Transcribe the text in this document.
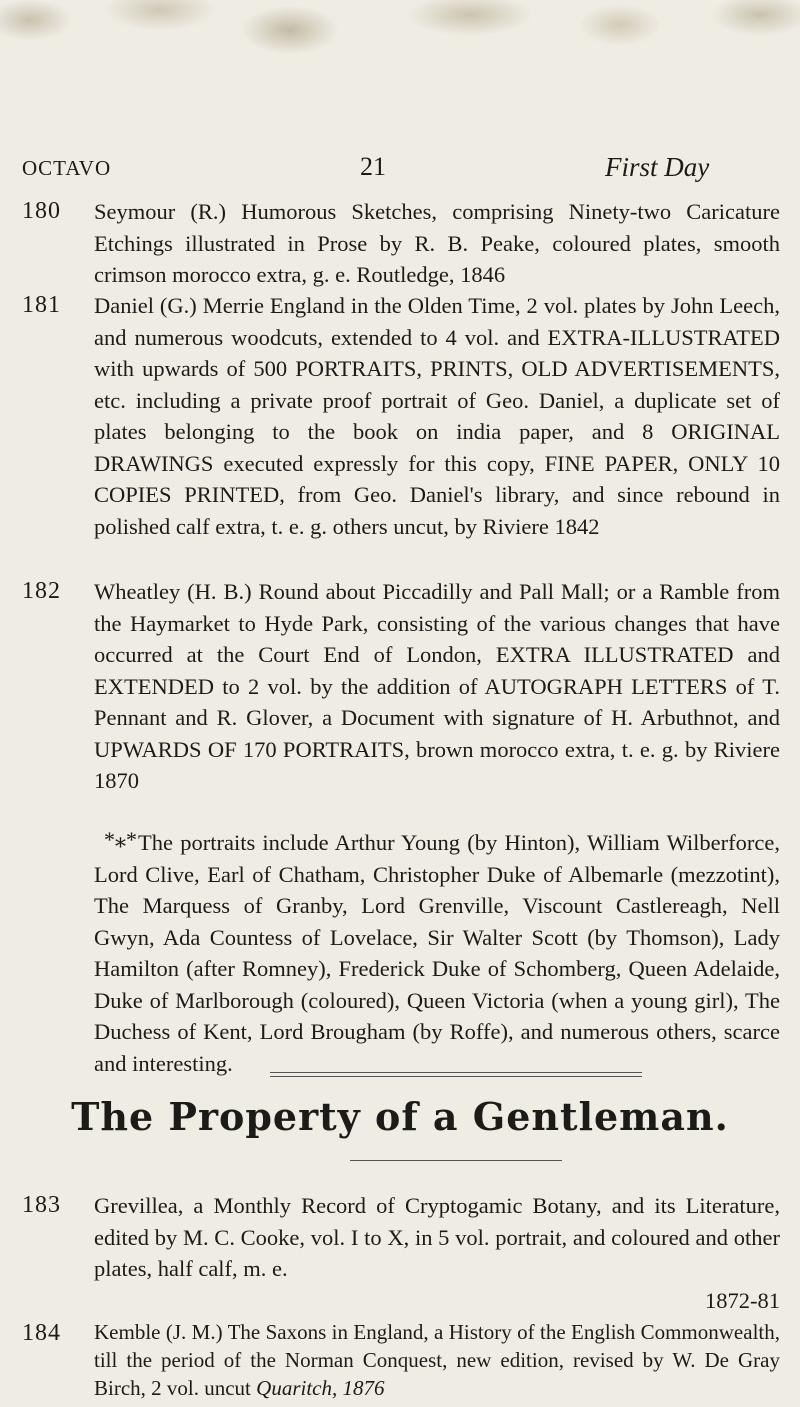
OCTAVO	21	First Day
180 Seymour (R.) Humorous Sketches, comprising Ninety-two Caricature Etchings illustrated in Prose by R. B. Peake, coloured plates, smooth crimson morocco extra, g. e. Routledge, 1846
181 Daniel (G.) Merrie England in the Olden Time, 2 vol. plates by John Leech, and numerous woodcuts, extended to 4 vol. and EXTRA-ILLUSTRATED with upwards of 500 PORTRAITS, PRINTS, OLD ADVERTISEMENTS, etc. including a private proof portrait of Geo. Daniel, a duplicate set of plates belonging to the book on india paper, and 8 ORIGINAL DRAWINGS executed expressly for this copy, FINE PAPER, ONLY 10 COPIES PRINTED, from Geo. Daniel's library, and since rebound in polished calf extra, t. e. g. others uncut, by Riviere 1842
182 Wheatley (H. B.) Round about Piccadilly and Pall Mall; or a Ramble from the Haymarket to Hyde Park, consisting of the various changes that have occurred at the Court End of London, EXTRA ILLUSTRATED and EXTENDED to 2 vol. by the addition of AUTOGRAPH LETTERS of T. Pennant and R. Glover, a Document with signature of H. Arbuthnot, and UPWARDS OF 170 PORTRAITS, brown morocco extra, t. e. g. by Riviere 1870
*⁎* The portraits include Arthur Young (by Hinton), William Wilberforce, Lord Clive, Earl of Chatham, Christopher Duke of Albemarle (mezzotint), The Marquess of Granby, Lord Grenville, Viscount Castlereagh, Nell Gwyn, Ada Countess of Lovelace, Sir Walter Scott (by Thomson), Lady Hamilton (after Romney), Frederick Duke of Schomberg, Queen Adelaide, Duke of Marlborough (coloured), Queen Victoria (when a young girl), The Duchess of Kent, Lord Brougham (by Roffe), and numerous others, scarce and interesting.
The Property of a Gentleman.
183 Grevillea, a Monthly Record of Cryptogamic Botany, and its Literature, edited by M. C. Cooke, vol. I to X, in 5 vol. portrait, and coloured and other plates, half calf, m. e.
1872-81
184 Kemble (J. M.) The Saxons in England, a History of the English Commonwealth, till the period of the Norman Conquest, new edition, revised by W. De Gray Birch, 2 vol. uncut Quaritch, 1876
